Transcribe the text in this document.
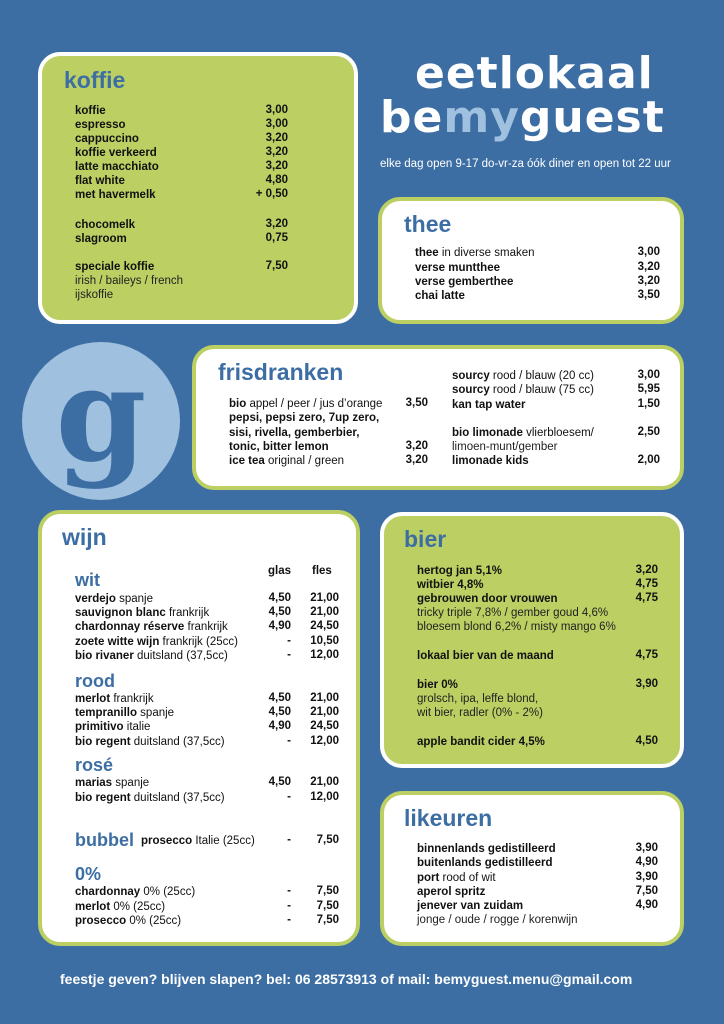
eetlokaal
bemyguest
elke dag open 9-17 do-vr-za óók diner en open tot 22 uur
g
koffie
koffie	3,00
espresso	3,00
cappuccino	3,20
koffie verkeerd	3,20
latte macchiato	3,20
flat white	4,80
met havermelk	+ 0,50
chocomelk	3,20
slagroom	0,75
speciale koffie	7,50
irish / baileys / french
ijskoffie
thee
thee in diverse smaken	3,00
verse muntthee	3,20
verse gemberthee	3,20
chai latte	3,50
frisdranken
bio appel / peer / jus d’orange 3,50
pepsi, pepsi zero, 7up zero,
sisi, rivella, gemberbier,
tonic, bitter lemon	3,20
ice tea original / green	3,20
sourcy rood / blauw (20 cc)	3,00
sourcy rood / blauw (75 cc)	5,95
kan tap water	1,50
bio limonade vlierbloesem/	2,50
limoen-munt/gember
limonade kids	2,00
wijn
glas fles
wit
verdejo spanje	4,50 21,00
sauvignon blanc frankrijk	4,50 21,00
chardonnay réserve frankrijk	4,90 24,50
zoete witte wijn frankrijk (25cc)	- 10,50
bio rivaner duitsland (37,5cc)	- 12,00
rood
merlot frankrijk	4,50 21,00
tempranillo spanje	4,50 21,00
primitivo italie	4,90 24,50
bio regent duitsland (37,5cc)	- 12,00
rosé
marias spanje	4,50 21,00
bio regent duitsland (37,5cc)	- 12,00
bubbel prosecco Italie (25cc)	- 7,50
0%
chardonnay 0% (25cc)	- 7,50
merlot 0% (25cc)	- 7,50
prosecco 0% (25cc)	- 7,50
bier
hertog jan 5,1%	3,20
witbier 4,8%	4,75
gebrouwen door vrouwen	4,75
tricky triple 7,8% / gember goud 4,6%
bloesem blond 6,2% / misty mango 6%
lokaal bier van de maand	4,75
bier 0%	3,90
grolsch, ipa, leffe blond,
wit bier, radler (0% - 2%)
apple bandit cider 4,5%	4,50
likeuren
binnenlands gedistilleerd	3,90
buitenlands gedistilleerd	4,90
port rood of wit	3,90
aperol spritz	7,50
jenever van zuidam	4,90
jonge / oude / rogge / korenwijn
feestje geven? blijven slapen? bel: 06 28573913 of mail: bemyguest.menu@gmail.com
